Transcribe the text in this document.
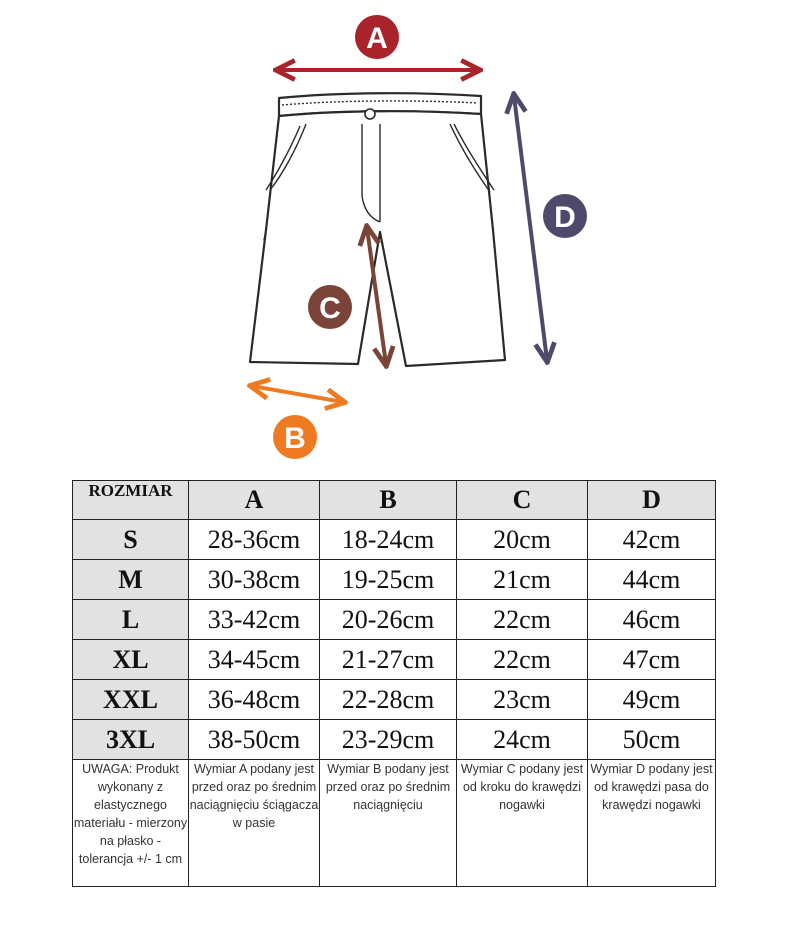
A
D
C
B
ROZMIAR	A	B	C	D
S	28-36cm	18-24cm	20cm	42cm
M	30-38cm	19-25cm	21cm	44cm
L	33-42cm	20-26cm	22cm	46cm
XL	34-45cm	21-27cm	22cm	47cm
XXL	36-48cm	22-28cm	23cm	49cm
3XL	38-50cm	23-29cm	24cm	50cm
UWAGA: Produkt wykonany z elastycznego materiału - mierzony na płasko - tolerancja +/- 1 cm	Wymiar A podany jest przed oraz po średnim naciągnięciu ściągacza w pasie	Wymiar B podany jest przed oraz po średnim naciągnięciu	Wymiar C podany jest od kroku do krawędzi nogawki	Wymiar D podany jest od krawędzi pasa do krawędzi nogawki
